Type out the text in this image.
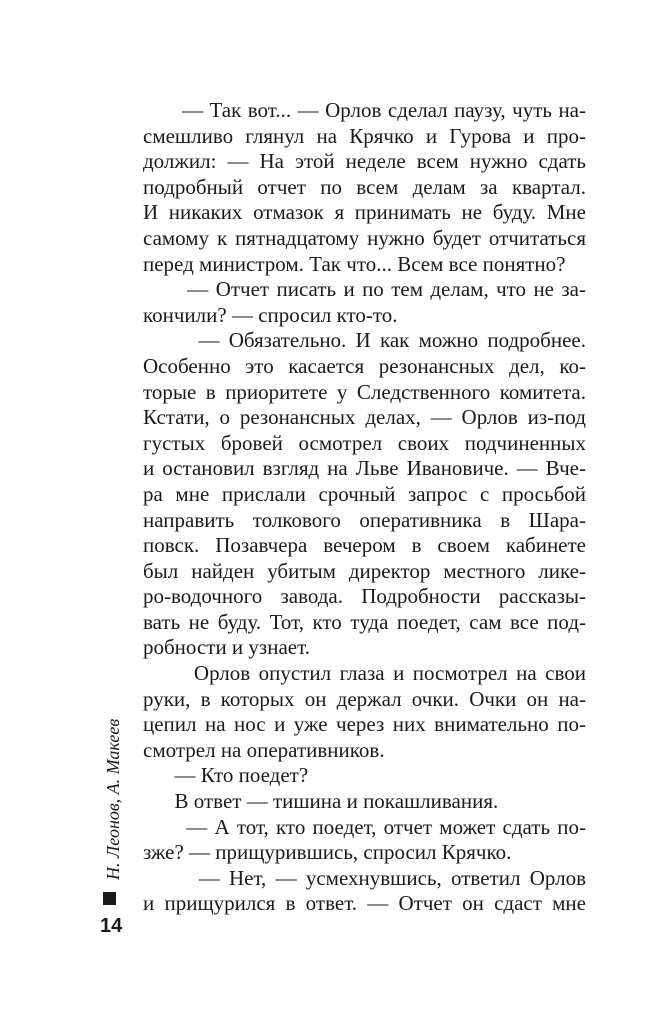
— Так вот... — Орлов сделал паузу, чуть на-
смешливо глянул на Крячко и Гурова и про-
должил: — На этой неделе всем нужно сдать
подробный отчет по всем делам за квартал.
И никаких отмазок я принимать не буду. Мне
самому к пятнадцатому нужно будет отчитаться
перед министром. Так что... Всем все понятно?
— Отчет писать и по тем делам, что не за-
кончили? — спросил кто-то.
— Обязательно. И как можно подробнее.
Особенно это касается резонансных дел, ко-
торые в приоритете у Следственного комитета.
Кстати, о резонансных делах, — Орлов из-под
густых бровей осмотрел своих подчиненных
и остановил взгляд на Льве Ивановиче. — Вче-
ра мне прислали срочный запрос с просьбой
направить толкового оперативника в Шара-
повск. Позавчера вечером в своем кабинете
был найден убитым директор местного лике-
ро-водочного завода. Подробности рассказы-
вать не буду. Тот, кто туда поедет, сам все под-
робности и узнает.
Орлов опустил глаза и посмотрел на свои
руки, в которых он держал очки. Очки он на-
цепил на нос и уже через них внимательно по-
смотрел на оперативников.
— Кто поедет?
В ответ — тишина и покашливания.
— А тот, кто поедет, отчет может сдать по-
зже? — прищурившись, спросил Крячко.
— Нет, — усмехнувшись, ответил Орлов
и прищурился в ответ. — Отчет он сдаст мне
Н. Леонов, А. Макеев
14
